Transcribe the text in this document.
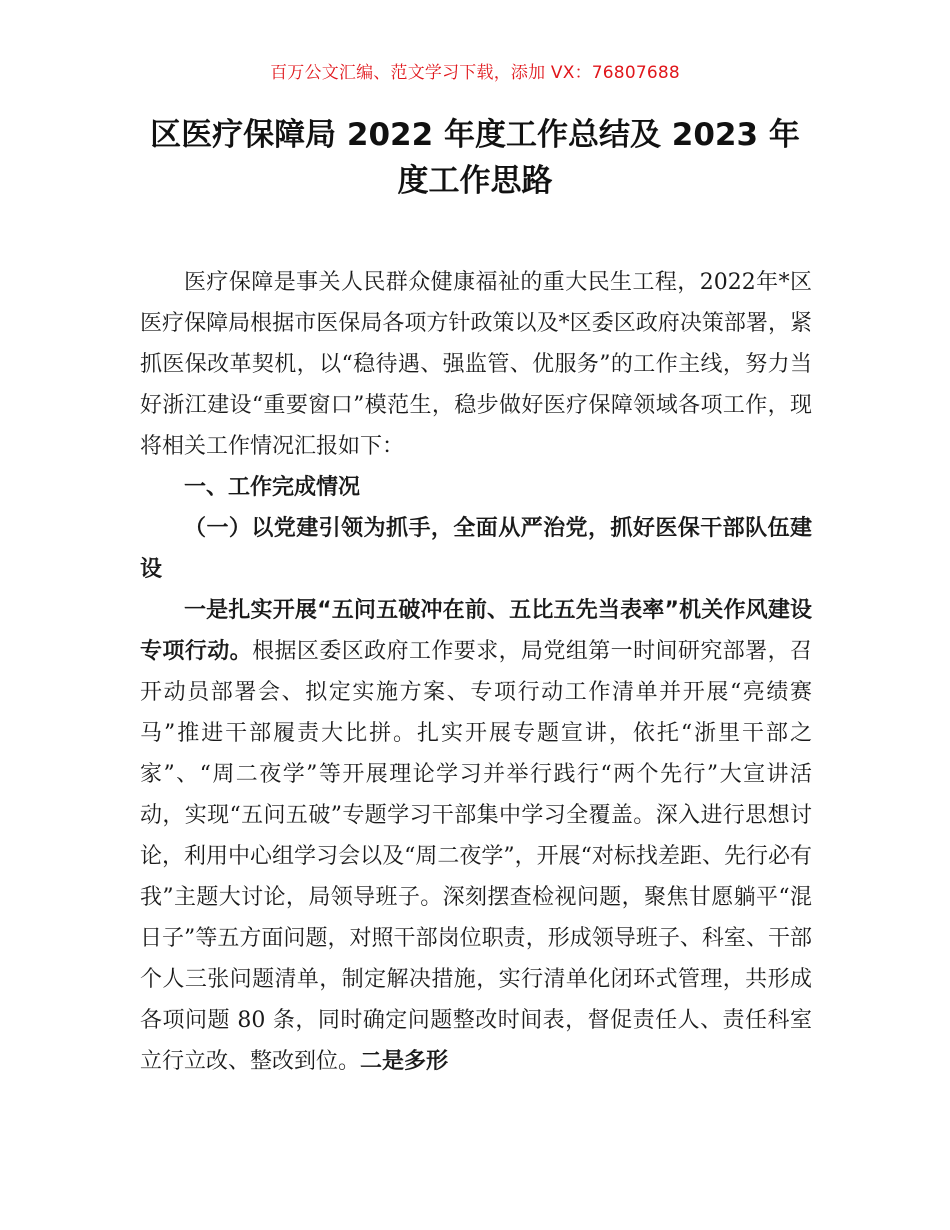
百万公文汇编、范文学习下载，添加 VX：76807688
区医疗保障局 2022 年度工作总结及 2023 年度工作思路

医疗保障是事关人民群众健康福祉的重大民生工程，2022年*区医疗保障局根据市医保局各项方针政策以及*区委区政府决策部署，紧抓医保改革契机，以“稳待遇、强监管、优服务”的工作主线，努力当好浙江建设“重要窗口”模范生，稳步做好医疗保障领域各项工作，现将相关工作情况汇报如下：

一、工作完成情况

（一）以党建引领为抓手，全面从严治党，抓好医保干部队伍建设

一是扎实开展“五问五破冲在前、五比五先当表率”机关作风建设专项行动。根据区委区政府工作要求，局党组第一时间研究部署，召开动员部署会、拟定实施方案、专项行动工作清单并开展“亮绩赛马”推进干部履责大比拼。扎实开展专题宣讲，依托“浙里干部之家”、“周二夜学”等开展理论学习并举行践行“两个先行”大宣讲活动，实现“五问五破”专题学习干部集中学习全覆盖。深入进行思想讨论，利用中心组学习会以及“周二夜学”，开展“对标找差距、先行必有我”主题大讨论，局领导班子。深刻摆查检视问题，聚焦甘愿躺平“混日子”等五方面问题，对照干部岗位职责，形成领导班子、科室、干部个人三张问题清单，制定解决措施，实行清单化闭环式管理，共形成各项问题 80 条，同时确定问题整改时间表，督促责任人、责任科室立行立改、整改到位。二是多形
